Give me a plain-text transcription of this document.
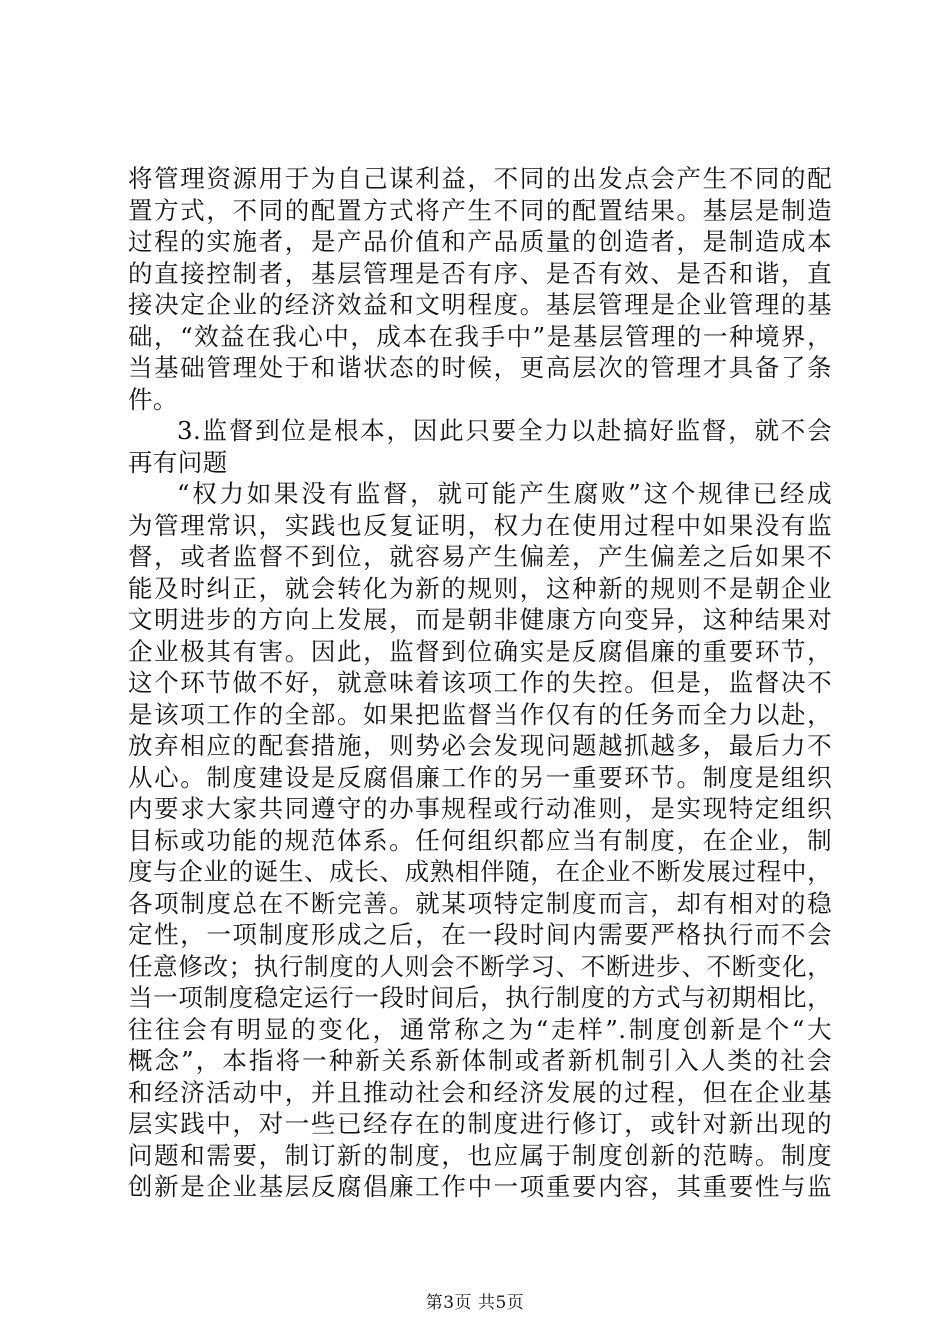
将管理资源用于为自己谋利益，不同的出发点会产生不同的配
置方式，不同的配置方式将产生不同的配置结果。基层是制造
过程的实施者，是产品价值和产品质量的创造者，是制造成本
的直接控制者，基层管理是否有序、是否有效、是否和谐，直
接决定企业的经济效益和文明程度。基层管理是企业管理的基
础，“效益在我心中，成本在我手中”是基层管理的一种境界，
当基础管理处于和谐状态的时候，更高层次的管理才具备了条
件。
3.监督到位是根本，因此只要全力以赴搞好监督，就不会
再有问题
“权力如果没有监督，就可能产生腐败”这个规律已经成
为管理常识，实践也反复证明，权力在使用过程中如果没有监
督，或者监督不到位，就容易产生偏差，产生偏差之后如果不
能及时纠正，就会转化为新的规则，这种新的规则不是朝企业
文明进步的方向上发展，而是朝非健康方向变异，这种结果对
企业极其有害。因此，监督到位确实是反腐倡廉的重要环节，
这个环节做不好，就意味着该项工作的失控。但是，监督决不
是该项工作的全部。如果把监督当作仅有的任务而全力以赴，
放弃相应的配套措施，则势必会发现问题越抓越多，最后力不
从心。制度建设是反腐倡廉工作的另一重要环节。制度是组织
内要求大家共同遵守的办事规程或行动准则，是实现特定组织
目标或功能的规范体系。任何组织都应当有制度，在企业，制
度与企业的诞生、成长、成熟相伴随，在企业不断发展过程中，
各项制度总在不断完善。就某项特定制度而言，却有相对的稳
定性，一项制度形成之后，在一段时间内需要严格执行而不会
任意修改；执行制度的人则会不断学习、不断进步、不断变化，
当一项制度稳定运行一段时间后，执行制度的方式与初期相比，
往往会有明显的变化，通常称之为“走样”.制度创新是个“大
概念”，本指将一种新关系新体制或者新机制引入人类的社会
和经济活动中，并且推动社会和经济发展的过程，但在企业基
层实践中，对一些已经存在的制度进行修订，或针对新出现的
问题和需要，制订新的制度，也应属于制度创新的范畴。制度
创新是企业基层反腐倡廉工作中一项重要内容，其重要性与监
第3页 共5页
